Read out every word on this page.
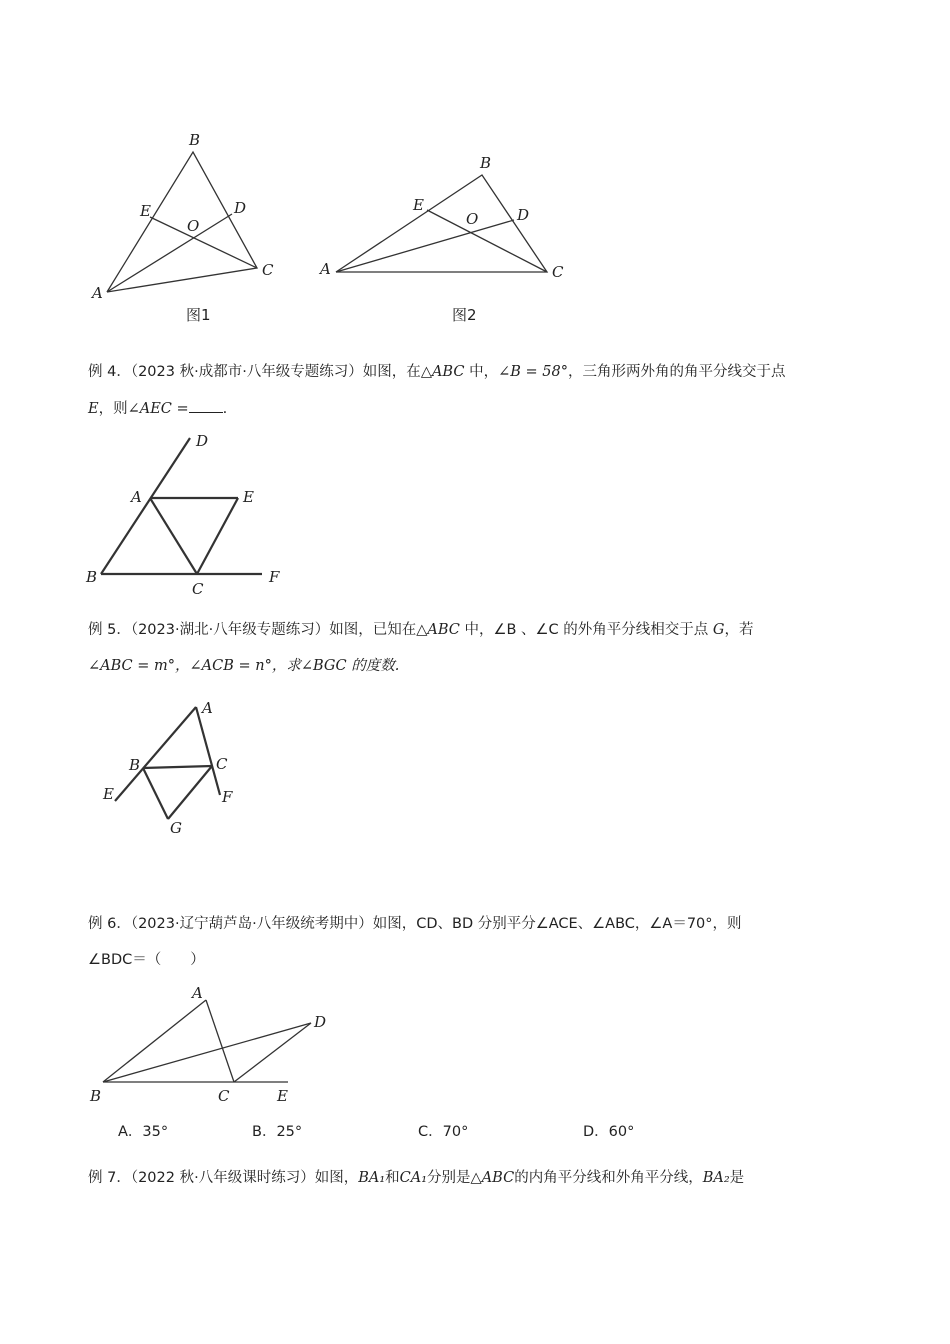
B
E	D
O
C
A
图1
B
E
D
O
C
A
图2
D
A	E
B
C
F
A
B	C
E	F
G
A
D
B	C	E
例 4．（2023 秋·成都市·八年级专题练习）如图，在△ABC 中，∠B = 58°，三角形两外角的角平分线交于点
E，则∠AEC = .
例 5．（2023·湖北·八年级专题练习）如图，已知在△ABC 中，∠B 、∠C 的外角平分线相交于点 G，若
∠ABC = m°，∠ACB = n°，求∠BGC 的度数.
例 6．（2023·辽宁葫芦岛·八年级统考期中）如图，CD、BD 分别平分∠ACE、∠ABC，∠A＝70°，则
∠BDC＝（　　）
A．35°	B．25°	C．70°	D．60°
例 7．（2022 秋·八年级课时练习）如图，BA₁和CA₁分别是△ABC的内角平分线和外角平分线，BA₂是
